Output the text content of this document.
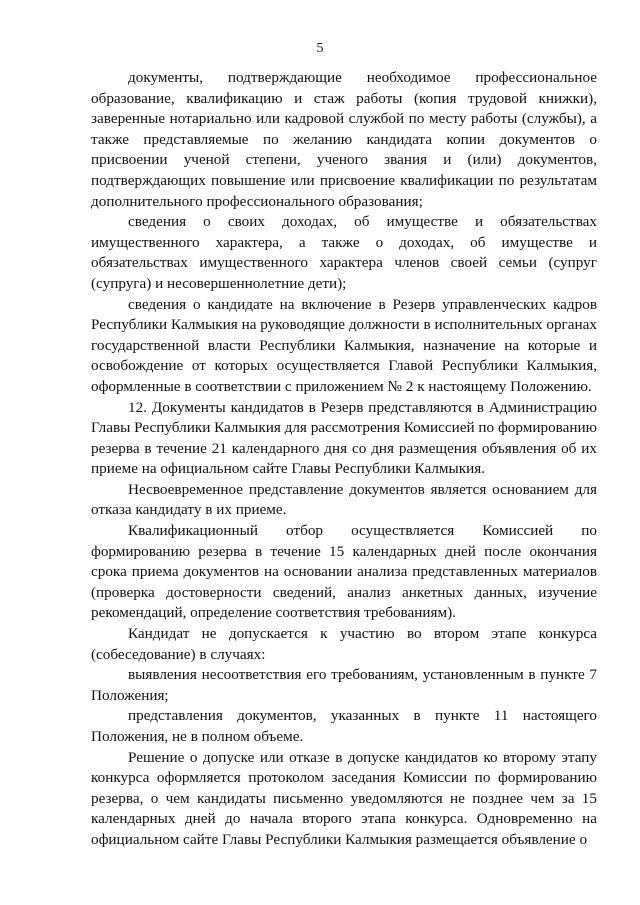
5

документы, подтверждающие необходимое профессиональное образование, квалификацию и стаж работы (копия трудовой книжки), заверенные нотариально или кадровой службой по месту работы (службы), а также представляемые по желанию кандидата копии документов о присвоении ученой степени, ученого звания и (или) документов, подтверждающих повышение или присвоение квалификации по результатам дополнительного профессионального образования;

сведения о своих доходах, об имуществе и обязательствах имущественного характера, а также о доходах, об имуществе и обязательствах имущественного характера членов своей семьи (супруг (супруга) и несовершеннолетние дети);

сведения о кандидате на включение в Резерв управленческих кадров Республики Калмыкия на руководящие должности в исполнительных органах государственной власти Республики Калмыкия, назначение на которые и освобождение от которых осуществляется Главой Республики Калмыкия, оформленные в соответствии с приложением № 2 к настоящему Положению.

12. Документы кандидатов в Резерв представляются в Администрацию Главы Республики Калмыкия для рассмотрения Комиссией по формированию резерва в течение 21 календарного дня со дня размещения объявления об их приеме на официальном сайте Главы Республики Калмыкия.

Несвоевременное представление документов является основанием для отказа кандидату в их приеме.

Квалификационный отбор осуществляется Комиссией по формированию резерва в течение 15 календарных дней после окончания срока приема документов на основании анализа представленных материалов (проверка достоверности сведений, анализ анкетных данных, изучение рекомендаций, определение соответствия требованиям).

Кандидат не допускается к участию во втором этапе конкурса (собеседование) в случаях:

выявления несоответствия его требованиям, установленным в пункте 7 Положения;

представления документов, указанных в пункте 11 настоящего Положения, не в полном объеме.

Решение о допуске или отказе в допуске кандидатов ко второму этапу конкурса оформляется протоколом заседания Комиссии по формированию резерва, о чем кандидаты письменно уведомляются не позднее чем за 15 календарных дней до начала второго этапа конкурса. Одновременно на официальном сайте Главы Республики Калмыкия размещается объявление о
